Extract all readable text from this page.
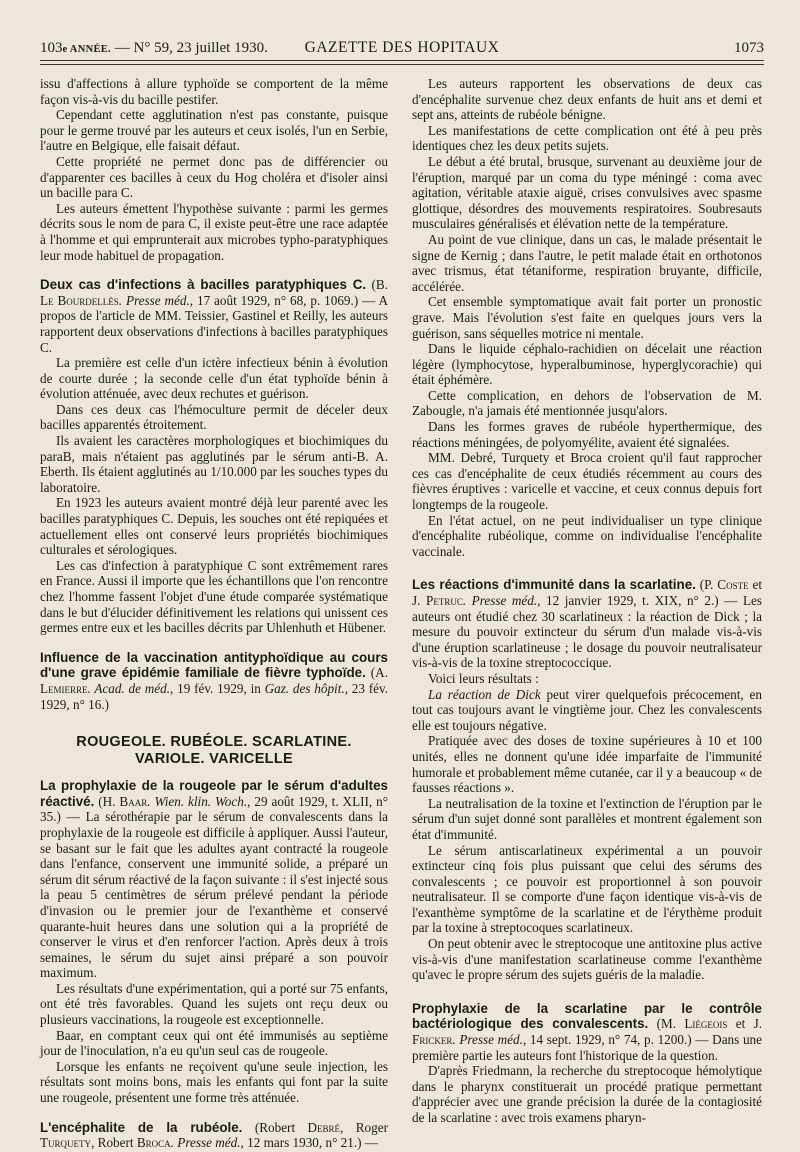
103e ANNÉE. — N° 59, 23 juillet 1930.	GAZETTE DES HOPITAUX	1073

issu d'affections à allure typhoïde se comportent de la même façon vis-à-vis du bacille pestifer.

Cependant cette agglutination n'est pas constante, puisque pour le germe trouvé par les auteurs et ceux isolés, l'un en Serbie, l'autre en Belgique, elle faisait défaut.

Cette propriété ne permet donc pas de différencier ou d'apparenter ces bacilles à ceux du Hog choléra et d'isoler ainsi un bacille para C.

Les auteurs émettent l'hypothèse suivante : parmi les germes décrits sous le nom de para C, il existe peut-être une race adaptée à l'homme et qui emprunterait aux microbes typho-paratyphiques leur mode habituel de propagation.

Deux cas d'infections à bacilles paratyphiques C. (B. Le Bourdellès. Presse méd., 17 août 1929, n° 68, p. 1069.) — A propos de l'article de MM. Teissier, Gastinel et Reilly, les auteurs rapportent deux observations d'infections à bacilles paratyphiques C.

La première est celle d'un ictère infectieux bénin à évolution de courte durée ; la seconde celle d'un état typhoïde bénin à évolution atténuée, avec deux rechutes et guérison.

Dans ces deux cas l'hémoculture permit de déceler deux bacilles apparentés étroitement.

Ils avaient les caractères morphologiques et biochimiques du paraB, mais n'étaient pas agglutinés par le sérum anti-B. A. Eberth. Ils étaient agglutinés au 1/10.000 par les souches types du laboratoire.

En 1923 les auteurs avaient montré déjà leur parenté avec les bacilles paratyphiques C. Depuis, les souches ont été repiquées et actuellement elles ont conservé leurs propriétés biochimiques culturales et sérologiques.

Les cas d'infection à paratyphique C sont extrêmement rares en France. Aussi il importe que les échantillons que l'on rencontre chez l'homme fassent l'objet d'une étude comparée systématique dans le but d'élucider définitivement les relations qui unissent ces germes entre eux et les bacilles décrits par Uhlenhuth et Hübener.

Influence de la vaccination antityphoïdique au cours d'une grave épidémie familiale de fièvre typhoïde. (A. Lemierre. Acad. de méd., 19 fév. 1929, in Gaz. des hôpit., 23 fév. 1929, n° 16.)

ROUGEOLE. RUBÉOLE. SCARLATINE.
VARIOLE. VARICELLE

La prophylaxie de la rougeole par le sérum d'adultes réactivé. (H. Baar. Wien. klin. Woch., 29 août 1929, t. XLII, n° 35.) — La sérothérapie par le sérum de convalescents dans la prophylaxie de la rougeole est difficile à appliquer. Aussi l'auteur, se basant sur le fait que les adultes ayant contracté la rougeole dans l'enfance, conservent une immunité solide, a préparé un sérum dit sérum réactivé de la façon suivante : il s'est injecté sous la peau 5 centimètres de sérum prélevé pendant la période d'invasion ou le premier jour de l'exanthème et conservé quarante-huit heures dans une solution qui a la propriété de conserver le virus et d'en renforcer l'action. Après deux à trois semaines, le sérum du sujet ainsi préparé a son pouvoir maximum.

Les résultats d'une expérimentation, qui a porté sur 75 enfants, ont été très favorables. Quand les sujets ont reçu deux ou plusieurs vaccinations, la rougeole est exceptionnelle.

Baar, en comptant ceux qui ont été immunisés au septième jour de l'inoculation, n'a eu qu'un seul cas de rougeole.

Lorsque les enfants ne reçoivent qu'une seule injection, les résultats sont moins bons, mais les enfants qui font par la suite une rougeole, présentent une forme très atténuée.

L'encéphalite de la rubéole. (Robert Debré, Roger Turquety, Robert Broca. Presse méd., 12 mars 1930, n° 21.) —

Les auteurs rapportent les observations de deux cas d'encéphalite survenue chez deux enfants de huit ans et demi et sept ans, atteints de rubéole bénigne.

Les manifestations de cette complication ont été à peu près identiques chez les deux petits sujets.

Le début a été brutal, brusque, survenant au deuxième jour de l'éruption, marqué par un coma du type méningé : coma avec agitation, véritable ataxie aiguë, crises convulsives avec spasme glottique, désordres des mouvements respiratoires. Soubresauts musculaires généralisés et élévation nette de la température.

Au point de vue clinique, dans un cas, le malade présentait le signe de Kernig ; dans l'autre, le petit malade était en orthotonos avec trismus, état tétaniforme, respiration bruyante, difficile, accélérée.

Cet ensemble symptomatique avait fait porter un pronostic grave. Mais l'évolution s'est faite en quelques jours vers la guérison, sans séquelles motrice ni mentale.

Dans le liquide céphalo-rachidien on décelait une réaction légère (lymphocytose, hyperalbuminose, hyperglycorachie) qui était éphémère.

Cette complication, en dehors de l'observation de M. Zabougle, n'a jamais été mentionnée jusqu'alors.

Dans les formes graves de rubéole hyperthermique, des réactions méningées, de polyomyélite, avaient été signalées.

MM. Debré, Turquety et Broca croient qu'il faut rapprocher ces cas d'encéphalite de ceux étudiés récemment au cours des fièvres éruptives : varicelle et vaccine, et ceux connus depuis fort longtemps de la rougeole.

En l'état actuel, on ne peut individualiser un type clinique d'encéphalite rubéolique, comme on individualise l'encéphalite vaccinale.

Les réactions d'immunité dans la scarlatine. (P. Coste et J. Petruc. Presse méd., 12 janvier 1929, t. XIX, n° 2.) — Les auteurs ont étudié chez 30 scarlatineux : la réaction de Dick ; la mesure du pouvoir extincteur du sérum d'un malade vis-à-vis d'une éruption scarlatineuse ; le dosage du pouvoir neutralisateur vis-à-vis de la toxine streptococcique.

Voici leurs résultats :

La réaction de Dick peut virer quelquefois précocement, en tout cas toujours avant le vingtième jour. Chez les convalescents elle est toujours négative.

Pratiquée avec des doses de toxine supérieures à 10 et 100 unités, elles ne donnent qu'une idée imparfaite de l'immunité humorale et probablement même cutanée, car il y a beaucoup « de fausses réactions ».

La neutralisation de la toxine et l'extinction de l'éruption par le sérum d'un sujet donné sont parallèles et montrent également son état d'immunité.

Le sérum antiscarlatineux expérimental a un pouvoir extincteur cinq fois plus puissant que celui des sérums des convalescents ; ce pouvoir est proportionnel à son pouvoir neutralisateur. Il se comporte d'une façon identique vis-à-vis de l'exanthème symptôme de la scarlatine et de l'érythème produit par la toxine à streptocoques scarlatineux.

On peut obtenir avec le streptocoque une antitoxine plus active vis-à-vis d'une manifestation scarlatineuse comme l'exanthème qu'avec le propre sérum des sujets guéris de la maladie.

Prophylaxie de la scarlatine par le contrôle bactériologique des convalescents. (M. Liégeois et J. Fricker. Presse méd., 14 sept. 1929, n° 74, p. 1200.) — Dans une première partie les auteurs font l'historique de la question.

D'après Friedmann, la recherche du streptocoque hémolytique dans le pharynx constituerait un procédé pratique permettant d'apprécier avec une grande précision la durée de la contagiosité de la scarlatine : avec trois examens pharyn-
